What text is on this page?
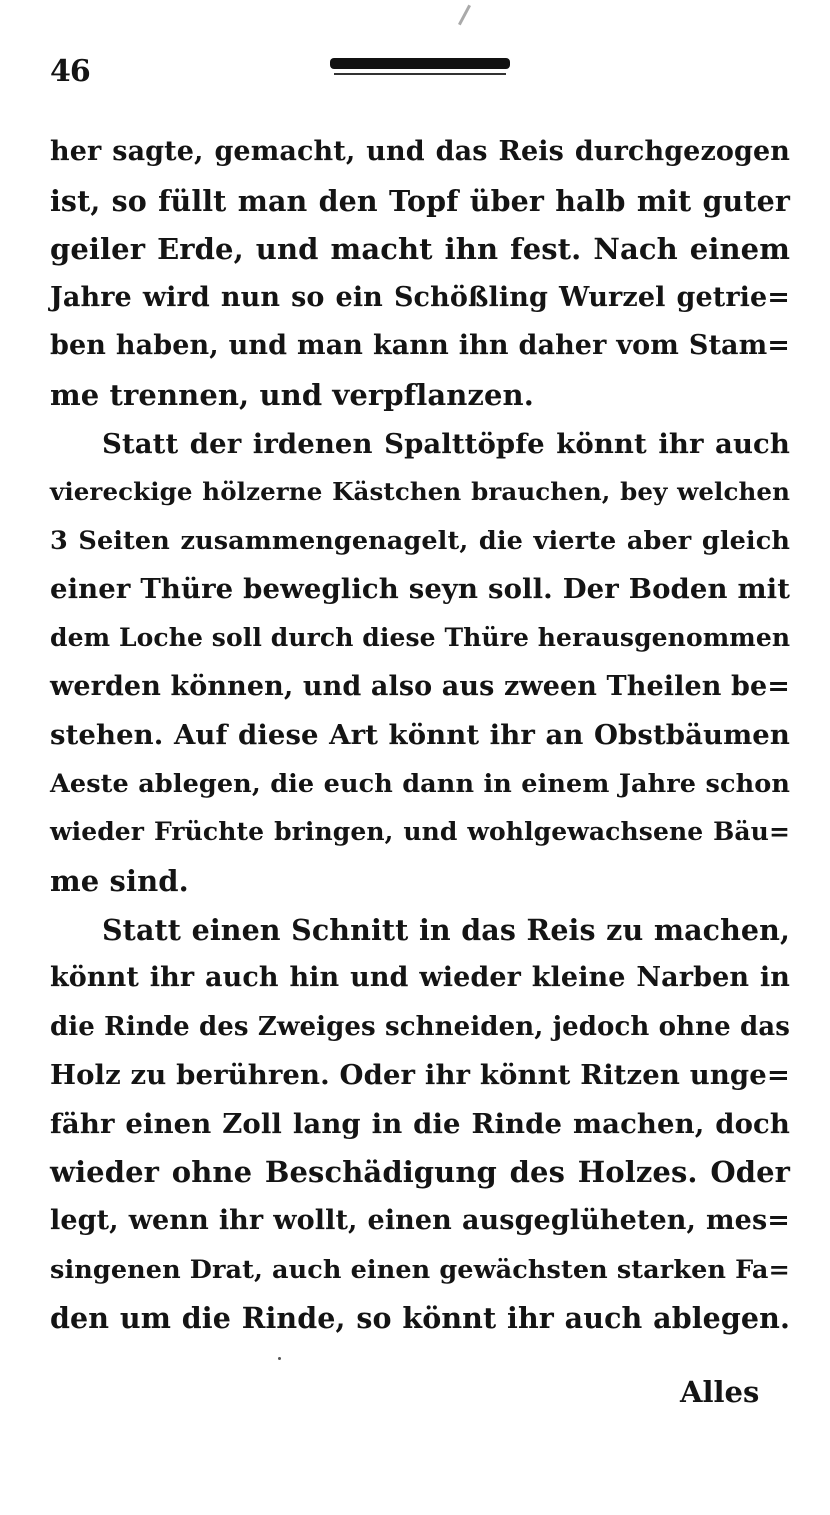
46
her sagte, gemacht, und das Reis durchgezogen
ist, so füllt man den Topf über halb mit guter
geiler Erde, und macht ihn fest. Nach einem
Jahre wird nun so ein Schößling Wurzel getrie=
ben haben, und man kann ihn daher vom Stam=
me trennen, und verpflanzen.
Statt der irdenen Spalttöpfe könnt ihr auch
viereckige hölzerne Kästchen brauchen, bey welchen
3 Seiten zusammengenagelt, die vierte aber gleich
einer Thüre beweglich seyn soll. Der Boden mit
dem Loche soll durch diese Thüre herausgenommen
werden können, und also aus zween Theilen be=
stehen. Auf diese Art könnt ihr an Obstbäumen
Aeste ablegen, die euch dann in einem Jahre schon
wieder Früchte bringen, und wohlgewachsene Bäu=
me sind.
Statt einen Schnitt in das Reis zu machen,
könnt ihr auch hin und wieder kleine Narben in
die Rinde des Zweiges schneiden, jedoch ohne das
Holz zu berühren. Oder ihr könnt Ritzen unge=
fähr einen Zoll lang in die Rinde machen, doch
wieder ohne Beschädigung des Holzes. Oder
legt, wenn ihr wollt, einen ausgeglüheten, mes=
singenen Drat, auch einen gewächsten starken Fa=
den um die Rinde, so könnt ihr auch ablegen.
Alles
